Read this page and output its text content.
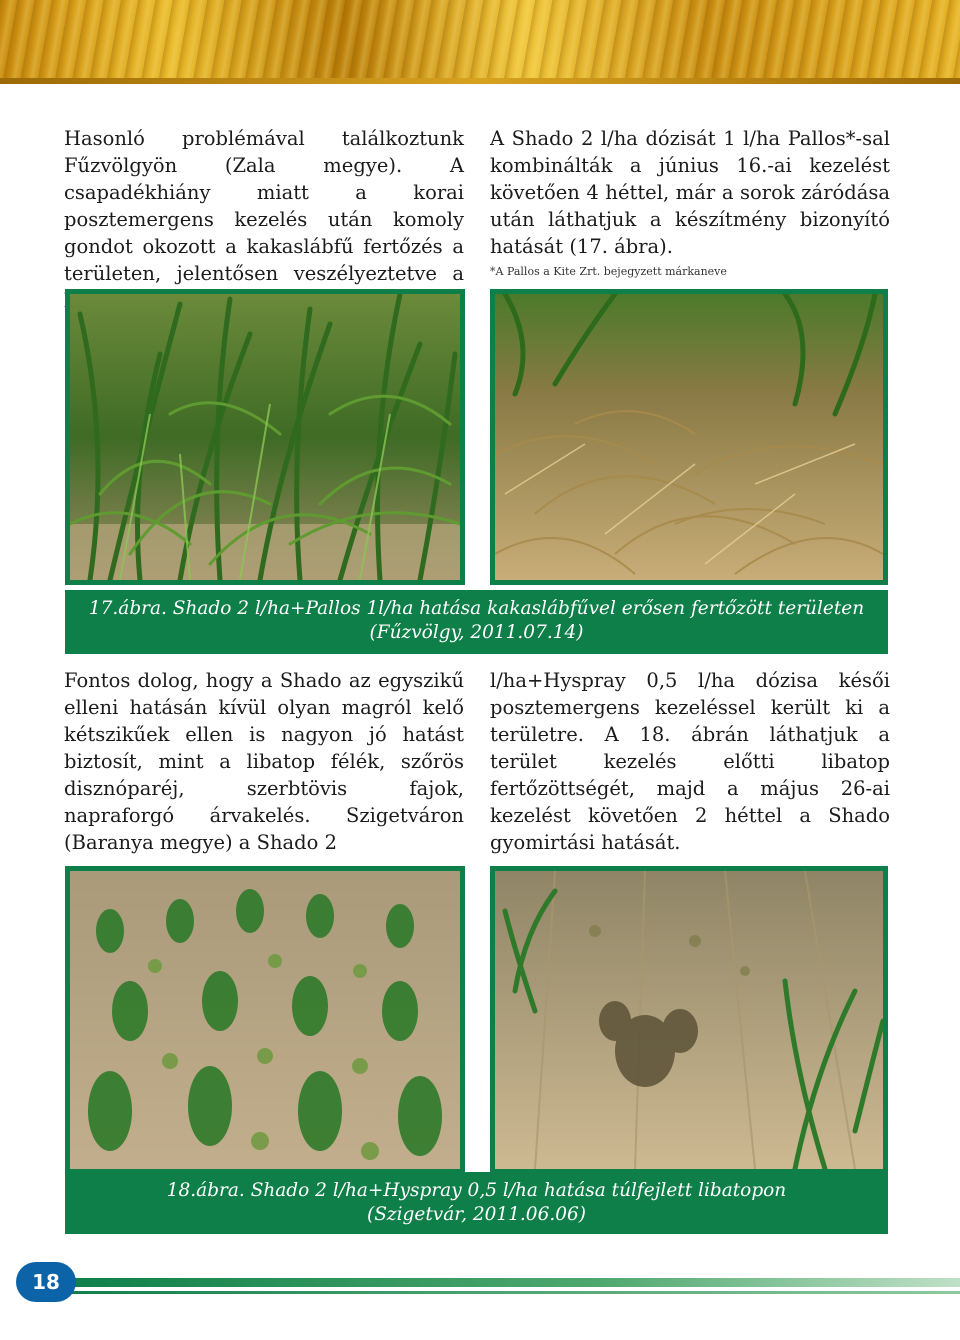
Hasonló problémával találkoztunk Fűzvölgyön (Zala megye). A csapadékhiány miatt a korai posztemergens kezelés után komoly gondot okozott a kakaslábfű fertőzés a területen, jelentősen veszélyeztetve a

A Shado 2 l/ha dózisát 1 l/ha Pallos*-sal kombinálták a június 16.-ai kezelést követően 4 héttel, már a sorok záródása után láthatjuk a készítmény bizonyító hatását (17. ábra).

*A Pallos a Kite Zrt. bejegyzett márkaneve
17.ábra. Shado 2 l/ha+Pallos 1l/ha hatása kakaslábfűvel erősen fertőzött területen
(Fűzvölgy, 2011.07.14)

Fontos dolog, hogy a Shado az egyszikű elleni hatásán kívül olyan magról kelő kétszikűek ellen is nagyon jó hatást biztosít, mint a libatop félék, szőrös disznóparéj, szerbtövis fajok, napraforgó árvakelés. Szigetváron (Baranya megye) a Shado 2

l/ha+Hyspray 0,5 l/ha dózisa késői posztemergens kezeléssel került ki a területre. A 18. ábrán láthatjuk a terület kezelés előtti libatop fertőzöttségét, majd a május 26-ai kezelést követően 2 héttel a Shado gyomirtási hatását.

18.ábra. Shado 2 l/ha+Hyspray 0,5 l/ha hatása túlfejlett libatopon
(Szigetvár, 2011.06.06)
18
